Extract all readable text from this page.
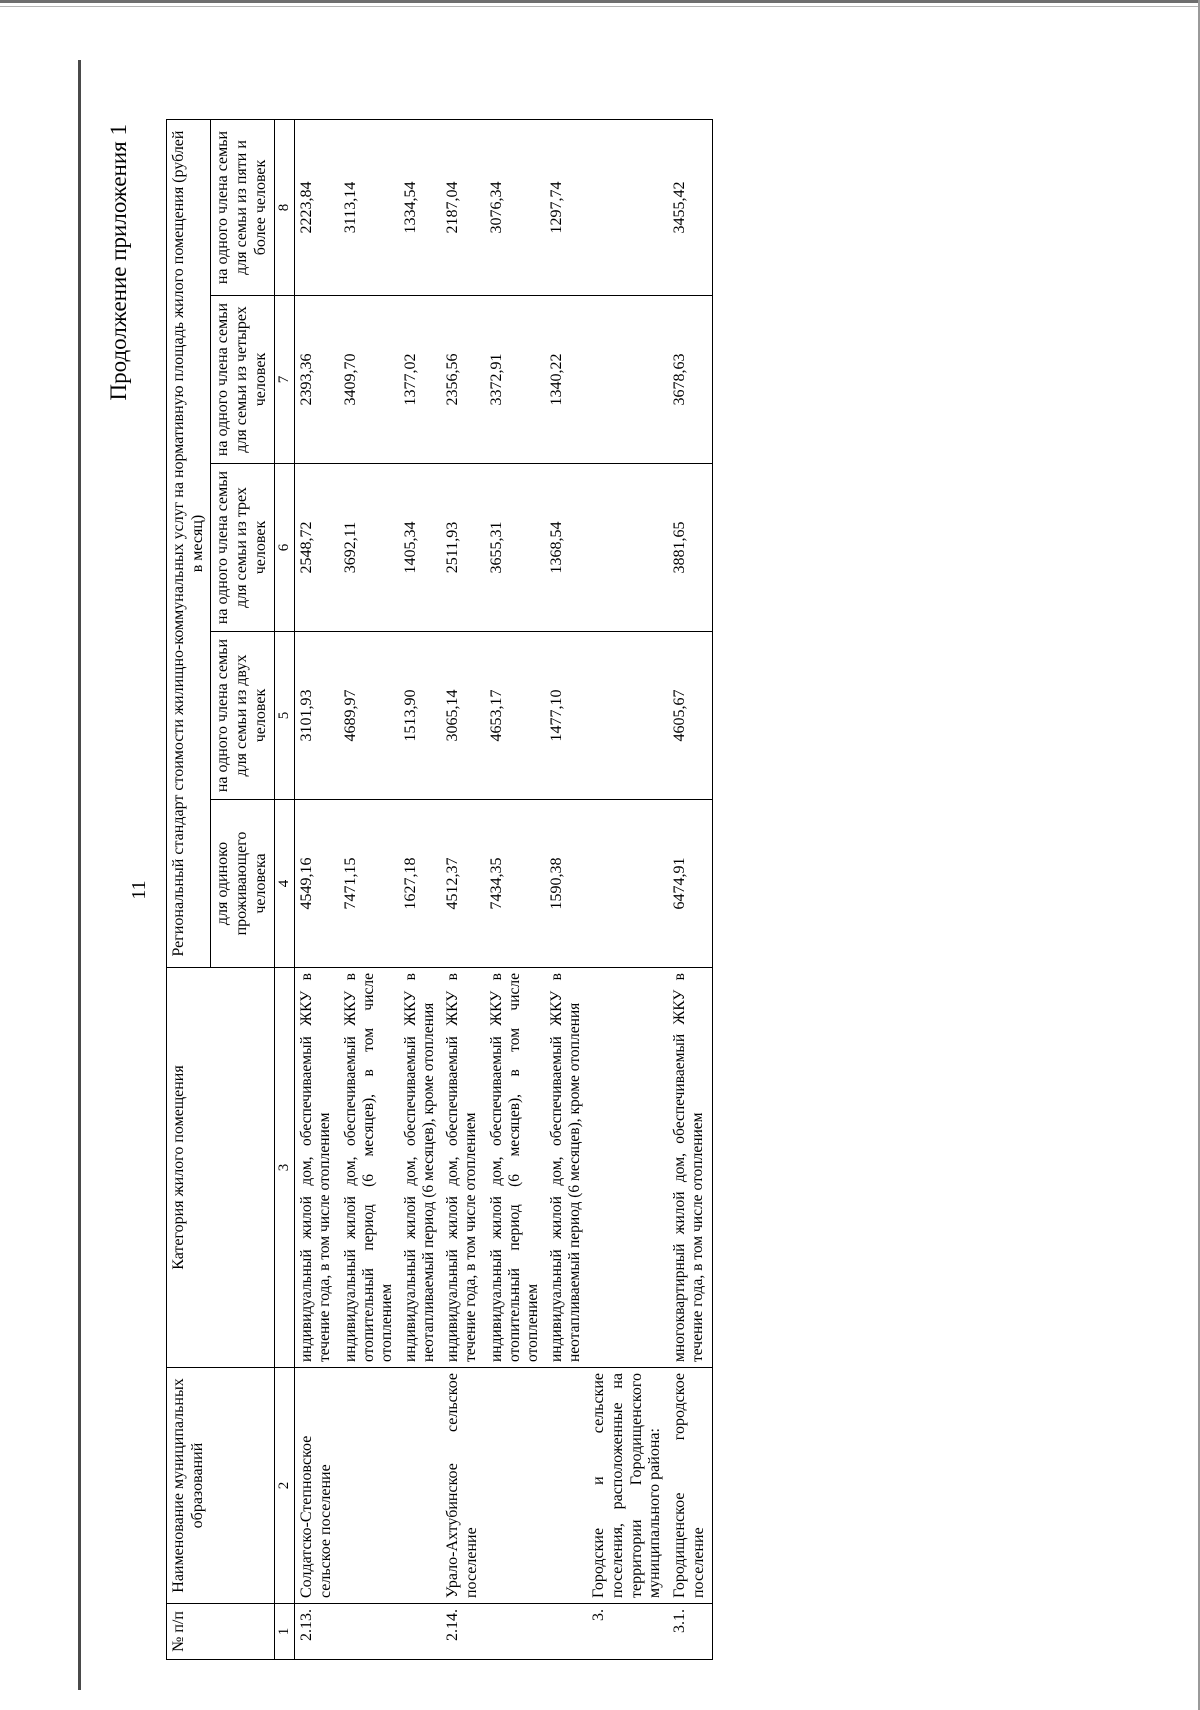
11
Продолжение приложения 1
№ п/п	Наименование муниципальных образований	Категория жилого помещения	Региональный стандарт стоимости жилищно-коммунальных услуг на нормативную площадь жилого помещения (рублей в месяц)				
			для одиноко проживающего человека	на одного члена семьи для семьи из двух человек	на одного члена семьи для семьи из трех человек	на одного члена семьи для семьи из четырех человек	на одного члена семьи для семьи из пяти и более человек
1	2	3	4	5	6	7	8
2.13.	Солдатско-Степновское сельское поселение	индивидуальный жилой дом, обеспечиваемый ЖКУ в течение года, в том числе отоплением	4549,16	3101,93	2548,72	2393,36	2223,84
		индивидуальный жилой дом, обеспечиваемый ЖКУ в отопительный период (6 месяцев), в том числе отоплением	7471,15	4689,97	3692,11	3409,70	3113,14
		индивидуальный жилой дом, обеспечиваемый ЖКУ в неотапливаемый период (6 месяцев), кроме отопления	1627,18	1513,90	1405,34	1377,02	1334,54
2.14.	Урало-Ахтубинское сельское поселение	индивидуальный жилой дом, обеспечиваемый ЖКУ в течение года, в том числе отоплением	4512,37	3065,14	2511,93	2356,56	2187,04
		индивидуальный жилой дом, обеспечиваемый ЖКУ в отопительный период (6 месяцев), в том числе отоплением	7434,35	4653,17	3655,31	3372,91	3076,34
		индивидуальный жилой дом, обеспечиваемый ЖКУ в неотапливаемый период (6 месяцев), кроме отопления	1590,38	1477,10	1368,54	1340,22	1297,74
3.	Городские и сельские поселения, расположенные на территории Городищенского муниципального района:						
3.1.	Городищенское городское поселение	многоквартирный жилой дом, обеспечиваемый ЖКУ в течение года, в том числе отоплением	6474,91	4605,67	3881,65	3678,63	3455,42
